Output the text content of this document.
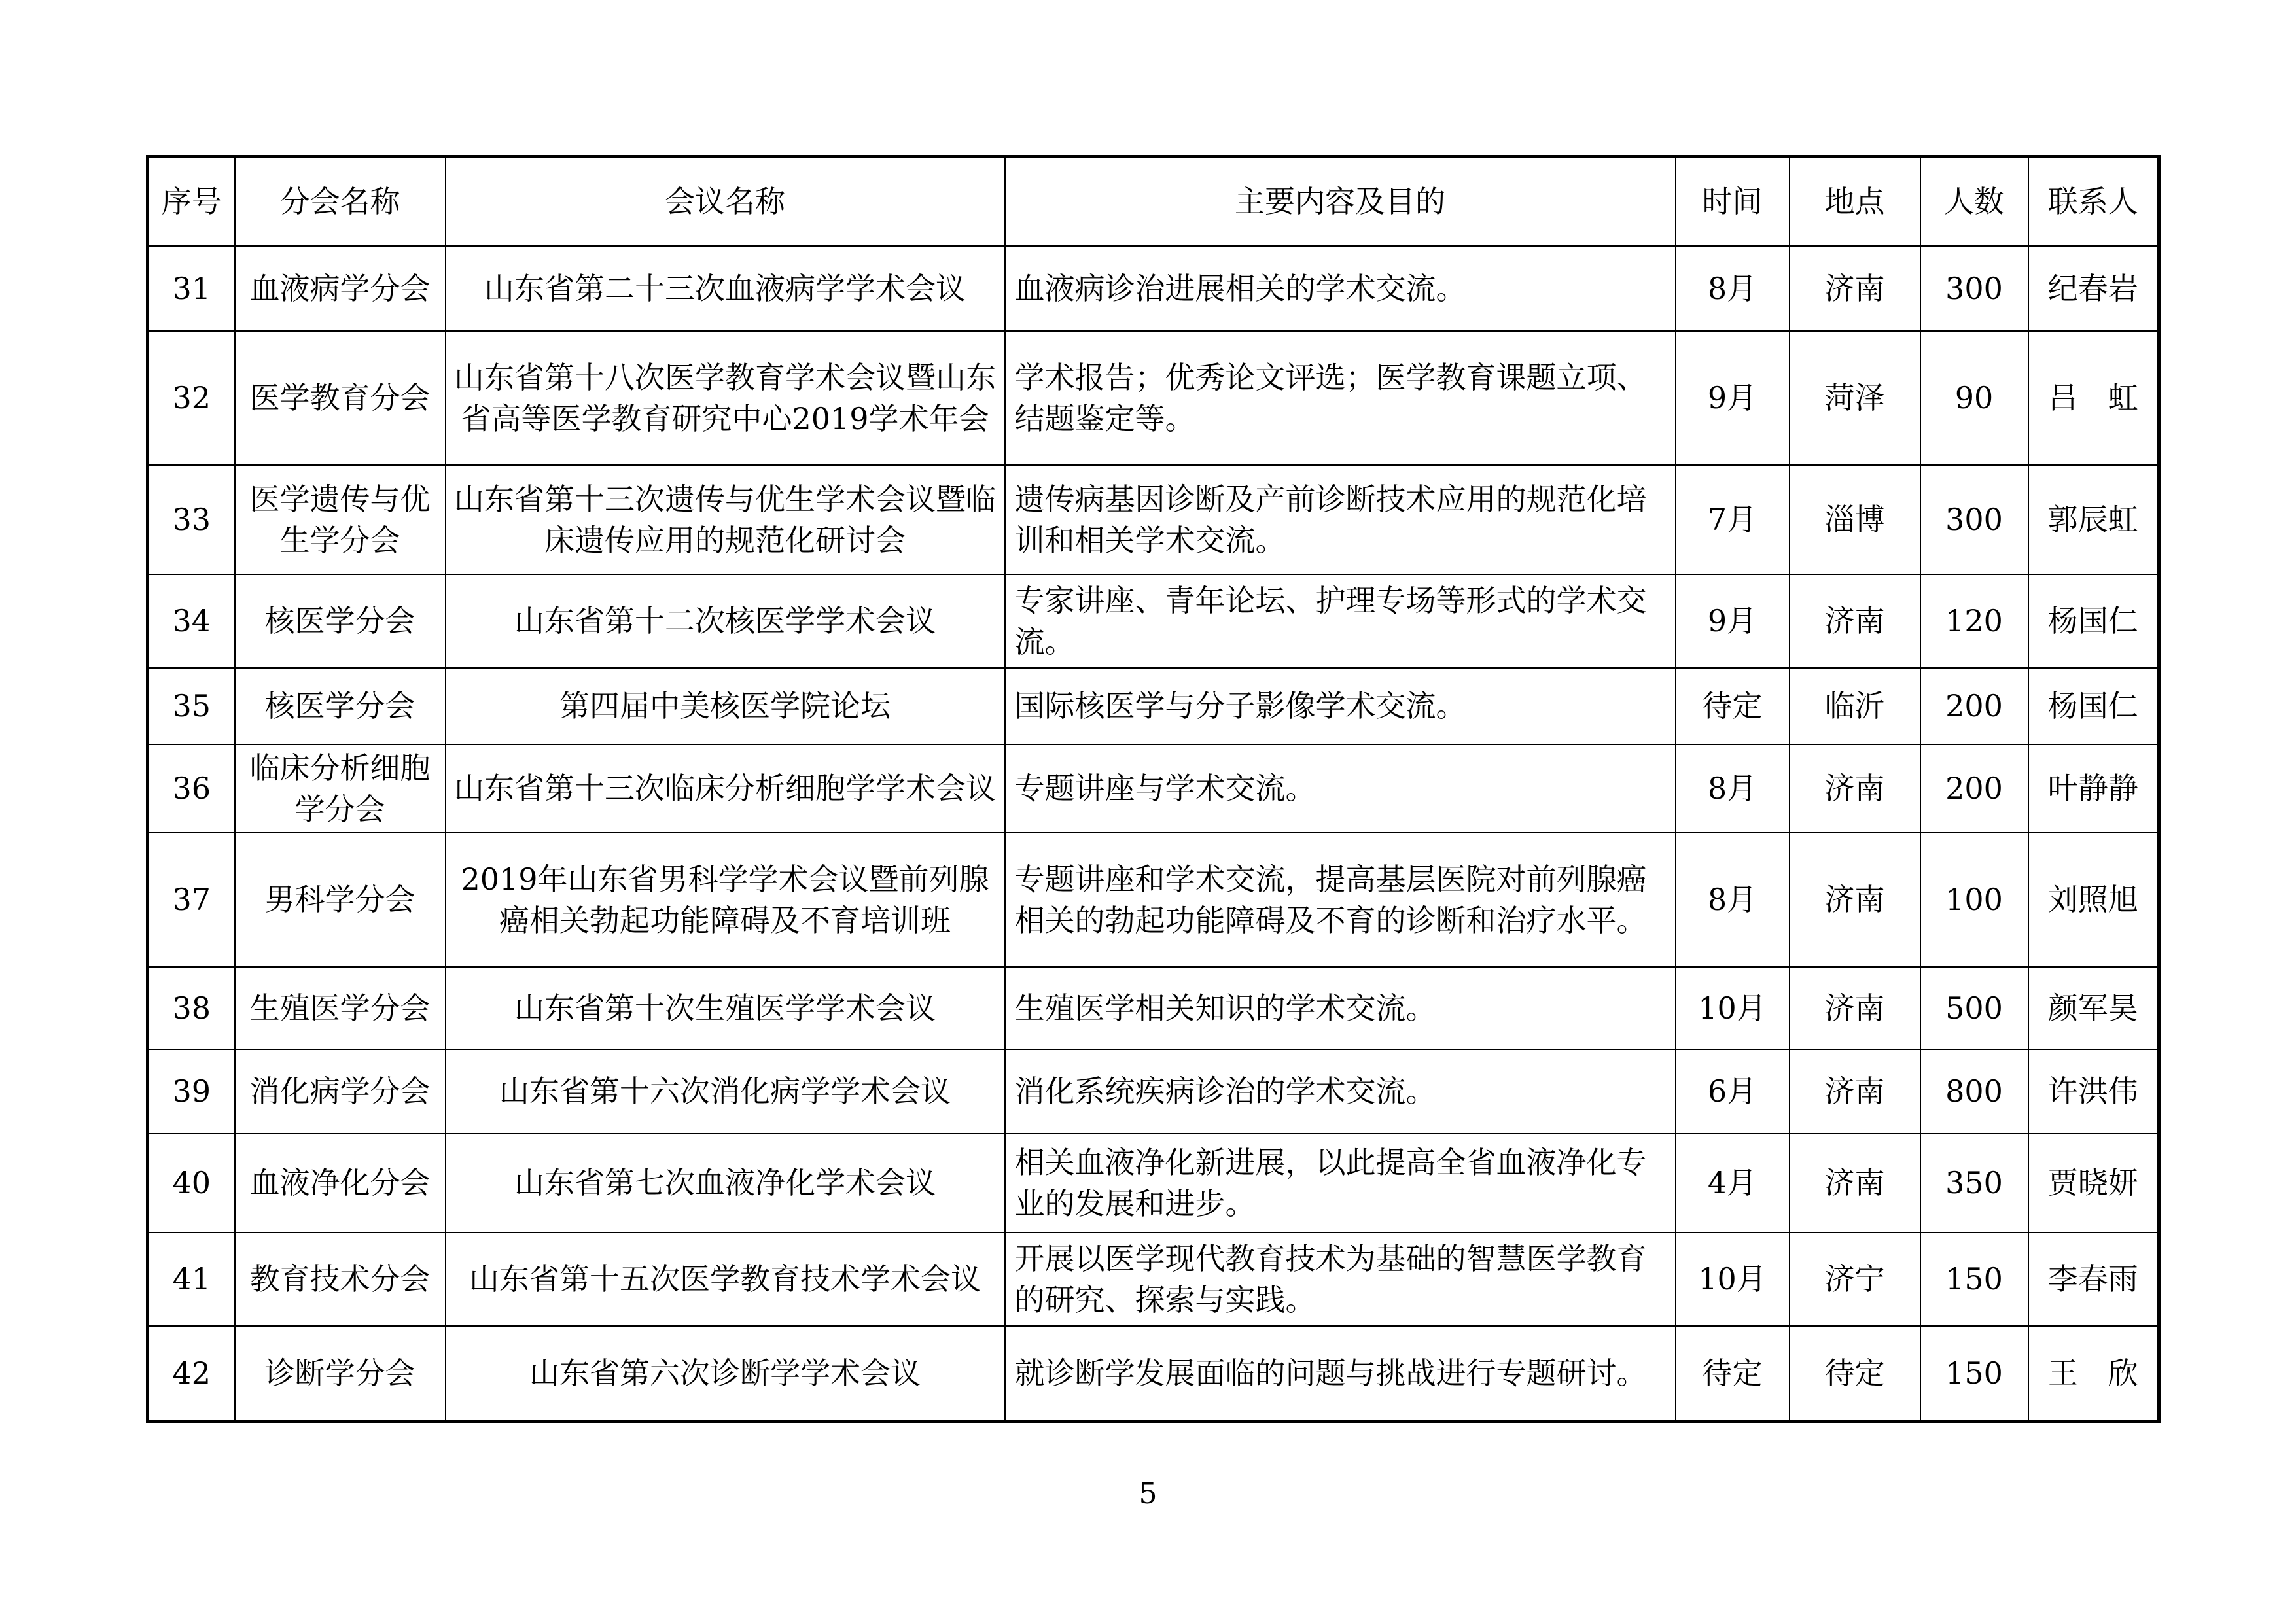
序号	分会名称	会议名称	主要内容及目的	时间	地点	人数	联系人
31	血液病学分会	山东省第二十三次血液病学学术会议	血液病诊治进展相关的学术交流。	8月	济南	300	纪春岩
32	医学教育分会	山东省第十八次医学教育学术会议暨山东省高等医学教育研究中心2019学术年会	学术报告；优秀论文评选；医学教育课题立项、结题鉴定等。	9月	菏泽	90	吕　虹
33	医学遗传与优生学分会	山东省第十三次遗传与优生学术会议暨临床遗传应用的规范化研讨会	遗传病基因诊断及产前诊断技术应用的规范化培训和相关学术交流。	7月	淄博	300	郭辰虹
34	核医学分会	山东省第十二次核医学学术会议	专家讲座、青年论坛、护理专场等形式的学术交流。	9月	济南	120	杨国仁
35	核医学分会	第四届中美核医学院论坛	国际核医学与分子影像学术交流。	待定	临沂	200	杨国仁
36	临床分析细胞学分会	山东省第十三次临床分析细胞学学术会议	专题讲座与学术交流。	8月	济南	200	叶静静
37	男科学分会	2019年山东省男科学学术会议暨前列腺癌相关勃起功能障碍及不育培训班	专题讲座和学术交流，提高基层医院对前列腺癌相关的勃起功能障碍及不育的诊断和治疗水平。	8月	济南	100	刘照旭
38	生殖医学分会	山东省第十次生殖医学学术会议	生殖医学相关知识的学术交流。	10月	济南	500	颜军昊
39	消化病学分会	山东省第十六次消化病学学术会议	消化系统疾病诊治的学术交流。	6月	济南	800	许洪伟
40	血液净化分会	山东省第七次血液净化学术会议	相关血液净化新进展，以此提高全省血液净化专业的发展和进步。	4月	济南	350	贾晓妍
41	教育技术分会	山东省第十五次医学教育技术学术会议	开展以医学现代教育技术为基础的智慧医学教育的研究、探索与实践。	10月	济宁	150	李春雨
42	诊断学分会	山东省第六次诊断学学术会议	就诊断学发展面临的问题与挑战进行专题研讨。	待定	待定	150	王　欣
5
